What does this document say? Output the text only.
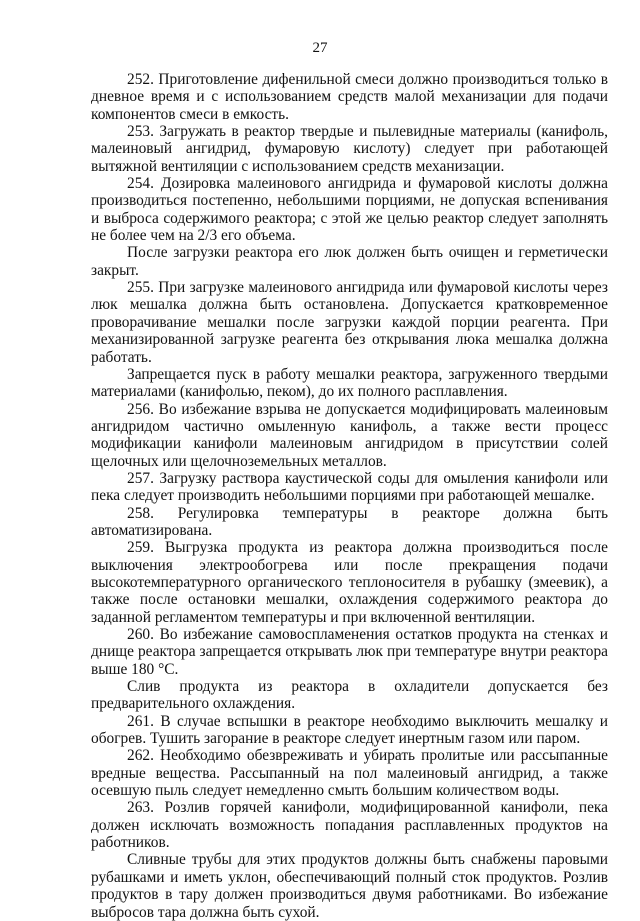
27

252. Приготовление дифенильной смеси должно производиться только в дневное время и с использованием средств малой механизации для подачи компонентов смеси в емкость.

253. Загружать в реактор твердые и пылевидные материалы (канифоль, малеиновый ангидрид, фумаровую кислоту) следует при работающей вытяжной вентиляции с использованием средств механизации.

254. Дозировка малеинового ангидрида и фумаровой кислоты должна производиться постепенно, небольшими порциями, не допуская вспенивания и выброса содержимого реактора; с этой же целью реактор следует заполнять не более чем на 2/3 его объема.

После загрузки реактора его люк должен быть очищен и герметически закрыт.

255. При загрузке малеинового ангидрида или фумаровой кислоты через люк мешалка должна быть остановлена. Допускается кратковременное проворачивание мешалки после загрузки каждой порции реагента. При механизированной загрузке реагента без открывания люка мешалка должна работать.

Запрещается пуск в работу мешалки реактора, загруженного твердыми материалами (канифолью, пеком), до их полного расплавления.

256. Во избежание взрыва не допускается модифицировать малеиновым ангидридом частично омыленную канифоль, а также вести процесс модификации канифоли малеиновым ангидридом в присутствии солей щелочных или щелочноземельных металлов.

257. Загрузку раствора каустической соды для омыления канифоли или пека следует производить небольшими порциями при работающей мешалке.

258. Регулировка температуры в реакторе должна быть автоматизирована.

259. Выгрузка продукта из реактора должна производиться после выключения электрообогрева или после прекращения подачи высокотемпературного органического теплоносителя в рубашку (змеевик), а также после остановки мешалки, охлаждения содержимого реактора до заданной регламентом температуры и при включенной вентиляции.

260. Во избежание самовоспламенения остатков продукта на стенках и днище реактора запрещается открывать люк при температуре внутри реактора выше 180 °С.

Слив продукта из реактора в охладители допускается без предварительного охлаждения.

261. В случае вспышки в реакторе необходимо выключить мешалку и обогрев. Тушить загорание в реакторе следует инертным газом или паром.

262. Необходимо обезвреживать и убирать пролитые или рассыпанные вредные вещества. Рассыпанный на пол малеиновый ангидрид, а также осевшую пыль следует немедленно смыть большим количеством воды.

263. Розлив горячей канифоли, модифицированной канифоли, пека должен исключать возможность попадания расплавленных продуктов на работников.

Сливные трубы для этих продуктов должны быть снабжены паровыми рубашками и иметь уклон, обеспечивающий полный сток продуктов. Розлив продуктов в тару должен производиться двумя работниками. Во избежание выбросов тара должна быть сухой.
